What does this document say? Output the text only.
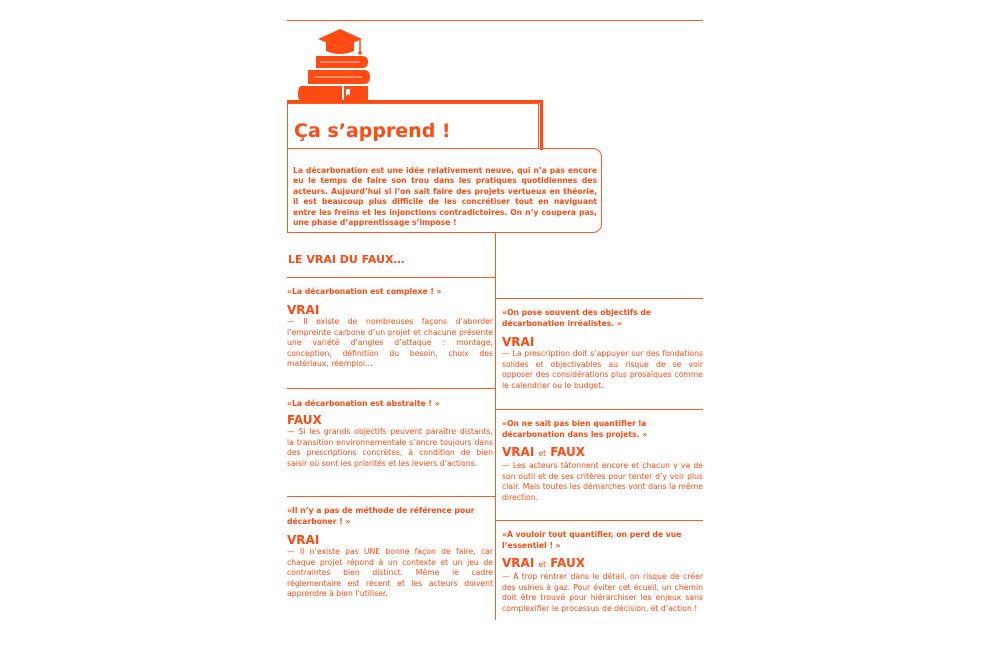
Ça s’apprend !
La décarbonation est une idée relativement neuve, qui n’a pas encore eu le temps de faire son trou dans les pratiques quotidiennes des acteurs. Aujourd’hui si l’on sait faire des projets vertueux en théorie, il est beaucoup plus difficile de les concrétiser tout en naviguant entre les freins et les injonctions contradictoires. On n’y coupera pas, une phase d’apprentissage s’impose !
LE VRAI DU FAUX…
«La décarbonation est complexe ! »
VRAI
— Il existe de nombreuses façons d’aborder l’empreinte carbone d’un projet et chacune présente une variété d’angles d’attaque : montage, conception, définition du besoin, choix des matériaux, réemploi…
«La décarbonation est abstraite ! »
FAUX
— Si les grands objectifs peuvent paraître distants, la transition environnementale s’ancre toujours dans des prescriptions concrètes, à condition de bien saisir où sont les priorités et les leviers d’actions.
«Il n’y a pas de méthode de référence pour décarboner ! »
VRAI
— Il n’existe pas UNE bonne façon de faire, car chaque projet répond à un contexte et un jeu de contraintes bien distinct. Même le cadre réglementaire est récent et les acteurs doivent apprendre à bien l’utiliser.
«On pose souvent des objectifs de décarbonation irréalistes. »
VRAI
— La prescription doit s’appuyer sur des fondations solides et objectivables au risque de se voir opposer des considérations plus prosaïques comme le calendrier ou le budget.
«On ne sait pas bien quantifier la décarbonation dans les projets. »
VRAI et FAUX
— Les acteurs tâtonnent encore et chacun y va de son outil et de ses critères pour tenter d’y voir plus clair. Mais toutes les démarches vont dans la même direction.
«À vouloir tout quantifier, on perd de vue l’essentiel ! »
VRAI et FAUX
— À trop rentrer dans le détail, on risque de créer des usines à gaz. Pour éviter cet écueil, un chemin doit être trouvé pour hiérarchiser les enjeux sans complexifier le processus de décision, et d’action !
